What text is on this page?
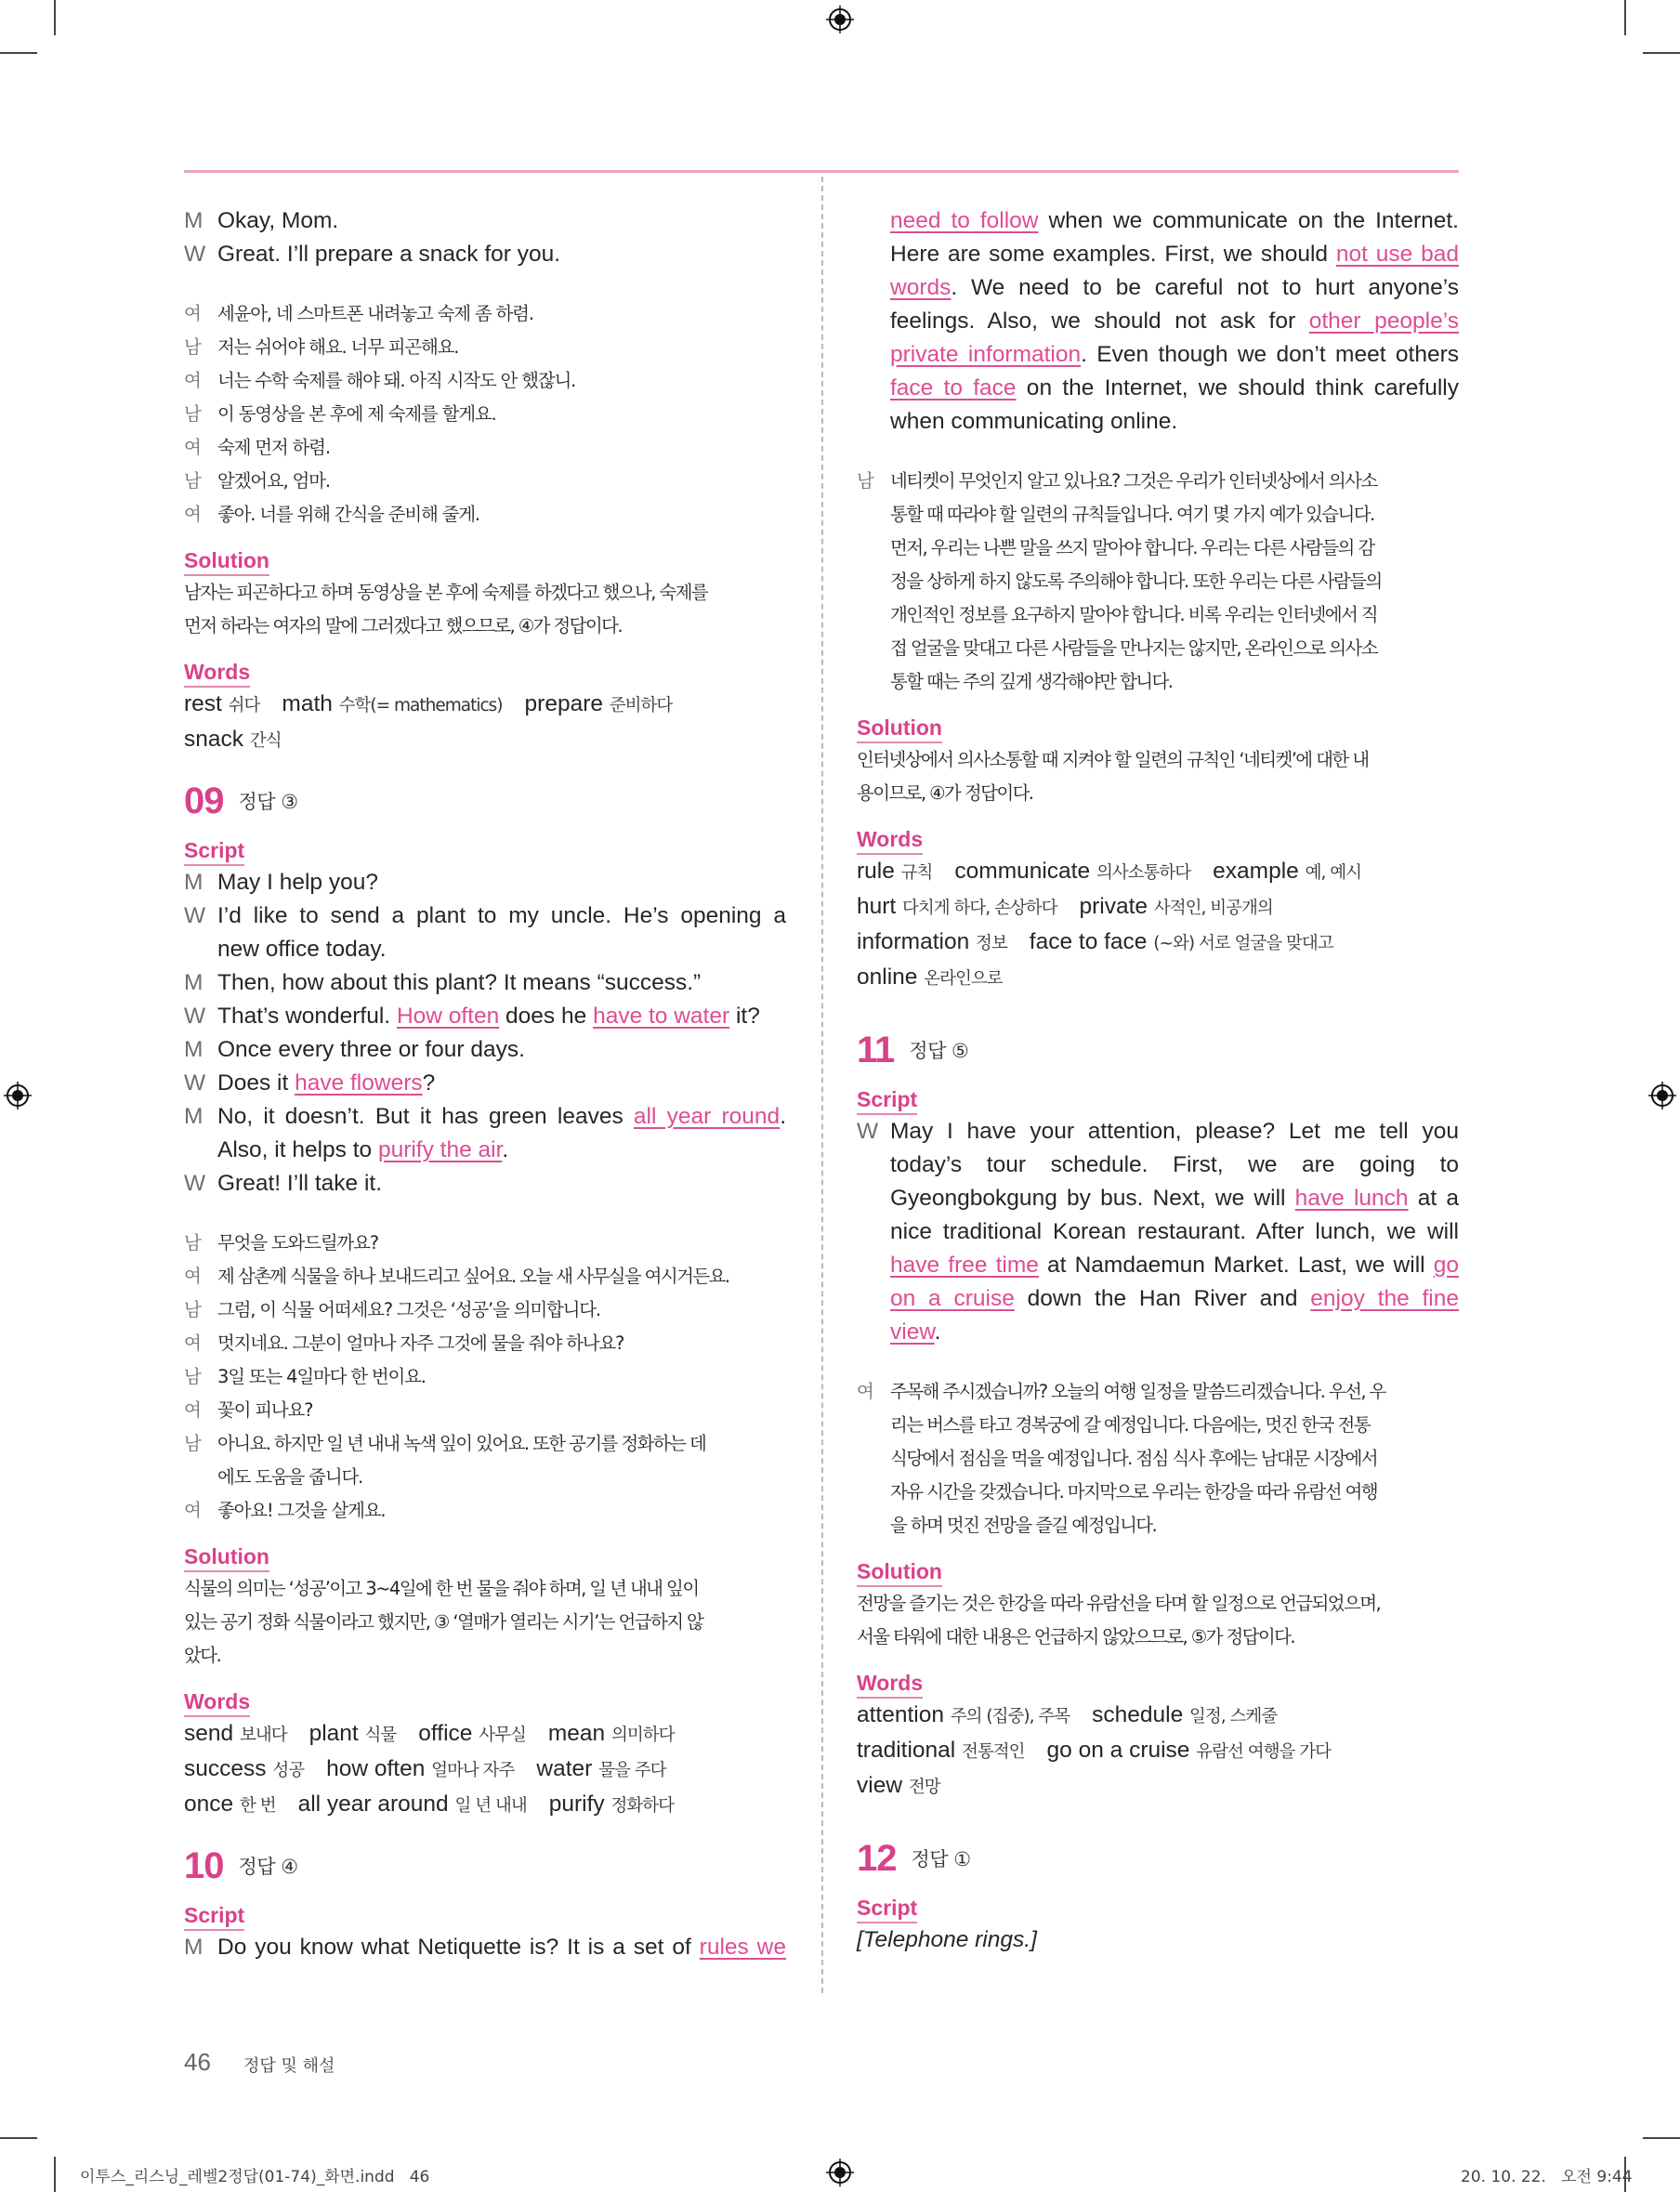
M Okay, Mom.

W Great. I’ll prepare a snack for you.

여 세윤아, 네 스마트폰 내려놓고 숙제 좀 하렴.

남 저는 쉬어야 해요. 너무 피곤해요.

여 너는 수학 숙제를 해야 돼. 아직 시작도 안 했잖니.

남 이 동영상을 본 후에 제 숙제를 할게요.

여 숙제 먼저 하렴.

남 알겠어요, 엄마.

여 좋아. 너를 위해 간식을 준비해 줄게.

Solution

남자는 피곤하다고 하며 동영상을 본 후에 숙제를 하겠다고 했으나, 숙제를

먼저 하라는 여자의 말에 그러겠다고 했으므로, ④가 정답이다.

Words

rest 쉬다 math 수학(= mathematics) prepare 준비하다

snack 간식

09 정답 ③
Script

M May I help you?

W I’d like to send a plant to my uncle. He’s opening a

new office today.

M Then, how about this plant? It means “success.”

W That’s wonderful. How often does he have to water it?

M Once every three or four days.

W Does it have flowers?

M No, it doesn’t. But it has green leaves all year round.

Also, it helps to purify the air.

W Great! I’ll take it.

남 무엇을 도와드릴까요?

여 제 삼촌께 식물을 하나 보내드리고 싶어요. 오늘 새 사무실을 여시거든요.

남 그럼, 이 식물 어떠세요? 그것은 ‘성공’을 의미합니다.

여 멋지네요. 그분이 얼마나 자주 그것에 물을 줘야 하나요?

남 3일 또는 4일마다 한 번이요.

여 꽃이 피나요?

남 아니요. 하지만 일 년 내내 녹색 잎이 있어요. 또한 공기를 정화하는 데

에도 도움을 줍니다.

여 좋아요! 그것을 살게요.

Solution

식물의 의미는 ‘성공’이고 3~4일에 한 번 물을 줘야 하며, 일 년 내내 잎이

있는 공기 정화 식물이라고 했지만, ③ ‘열매가 열리는 시기’는 언급하지 않

았다.

Words

send 보내다 plant 식물 office 사무실 mean 의미하다

success 성공 how often 얼마나 자주 water 물을 주다

once 한 번 all year around 일 년 내내 purify 정화하다

10 정답 ④
Script

M Do you know what Netiquette is? It is a set of rules we

need to follow when we communicate on the Internet.

Here are some examples. First, we should not use bad

words. We need to be careful not to hurt anyone’s

feelings. Also, we should not ask for other people’s

private information. Even though we don’t meet others

face to face on the Internet, we should think carefully

when communicating online.

남 네티켓이 무엇인지 알고 있나요? 그것은 우리가 인터넷상에서 의사소

통할 때 따라야 할 일련의 규칙들입니다. 여기 몇 가지 예가 있습니다.

먼저, 우리는 나쁜 말을 쓰지 말아야 합니다. 우리는 다른 사람들의 감

정을 상하게 하지 않도록 주의해야 합니다. 또한 우리는 다른 사람들의

개인적인 정보를 요구하지 말아야 합니다. 비록 우리는 인터넷에서 직

접 얼굴을 맞대고 다른 사람들을 만나지는 않지만, 온라인으로 의사소

통할 때는 주의 깊게 생각해야만 합니다.

Solution

인터넷상에서 의사소통할 때 지켜야 할 일련의 규칙인 ‘네티켓’에 대한 내

용이므로, ④가 정답이다.

Words

rule 규칙 communicate 의사소통하다 example 예, 예시

hurt 다치게 하다, 손상하다 private 사적인, 비공개의

information 정보 face to face (~와) 서로 얼굴을 맞대고

online 온라인으로

11 정답 ⑤
Script

W May I have your attention, please? Let me tell you

today’s tour schedule. First, we are going to

Gyeongbokgung by bus. Next, we will have lunch at a

nice traditional Korean restaurant. After lunch, we will

have free time at Namdaemun Market. Last, we will go

on a cruise down the Han River and enjoy the fine

view.

여 주목해 주시겠습니까? 오늘의 여행 일정을 말씀드리겠습니다. 우선, 우

리는 버스를 타고 경복궁에 갈 예정입니다. 다음에는, 멋진 한국 전통

식당에서 점심을 먹을 예정입니다. 점심 식사 후에는 남대문 시장에서

자유 시간을 갖겠습니다. 마지막으로 우리는 한강을 따라 유람선 여행

을 하며 멋진 전망을 즐길 예정입니다.

Solution

전망을 즐기는 것은 한강을 따라 유람선을 타며 할 일정으로 언급되었으며,

서울 타워에 대한 내용은 언급하지 않았으므로, ⑤가 정답이다.

Words

attention 주의 (집중), 주목 schedule 일정, 스케줄

traditional 전통적인 go on a cruise 유람선 여행을 가다

view 전망

12 정답 ①
Script

[Telephone rings.]

46 정답 및 해설
이투스_리스닝_레벨2정답(01-74)_화면.indd   46	20. 10. 22.   오전 9:44
